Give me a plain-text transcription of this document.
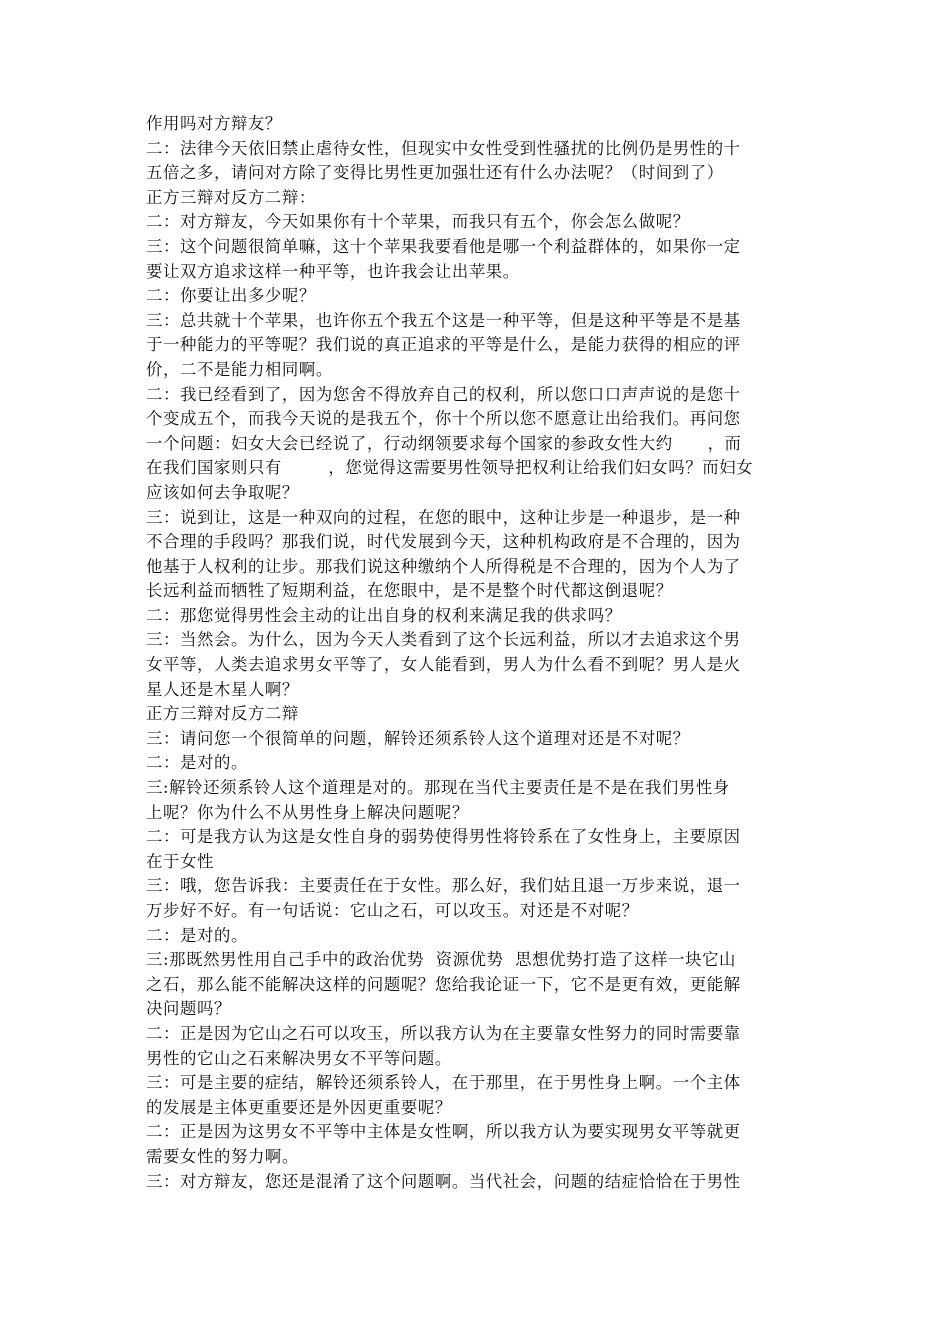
作用吗对方辩友？
二：法律今天依旧禁止虐待女性，但现实中女性受到性骚扰的比例仍是男性的十
五倍之多，请问对方除了变得比男性更加强壮还有什么办法呢？（时间到了）
正方三辩对反方二辩：
二：对方辩友，今天如果你有十个苹果，而我只有五个，你会怎么做呢？
三：这个问题很简单嘛，这十个苹果我要看他是哪一个利益群体的，如果你一定
要让双方追求这样一种平等，也许我会让出苹果。
二：你要让出多少呢？
三：总共就十个苹果，也许你五个我五个这是一种平等，但是这种平等是不是基
于一种能力的平等呢？我们说的真正追求的平等是什么，是能力获得的相应的评
价，二不是能力相同啊。
二：我已经看到了，因为您舍不得放弃自己的权利，所以您口口声声说的是您十
个变成五个，而我今天说的是我五个，你十个所以您不愿意让出给我们。再问您
一个问题：妇女大会已经说了，行动纲领要求每个国家的参政女性大约      ，而
在我们国家则只有        ，您觉得这需要男性领导把权利让给我们妇女吗？而妇女
应该如何去争取呢？
三：说到让，这是一种双向的过程，在您的眼中，这种让步是一种退步，是一种
不合理的手段吗？那我们说，时代发展到今天，这种机构政府是不合理的，因为
他基于人权利的让步。那我们说这种缴纳个人所得税是不合理的，因为个人为了
长远利益而牺牲了短期利益，在您眼中，是不是整个时代都这倒退呢？
二：那您觉得男性会主动的让出自身的权利来满足我的供求吗？
三：当然会。为什么，因为今天人类看到了这个长远利益，所以才去追求这个男
女平等，人类去追求男女平等了，女人能看到，男人为什么看不到呢？男人是火
星人还是木星人啊？
正方三辩对反方二辩
三：请问您一个很简单的问题，解铃还须系铃人这个道理对还是不对呢？
二：是对的。
三:解铃还须系铃人这个道理是对的。那现在当代主要责任是不是在我们男性身
上呢？你为什么不从男性身上解决问题呢？
二：可是我方认为这是女性自身的弱势使得男性将铃系在了女性身上，主要原因
在于女性
三：哦，您告诉我：主要责任在于女性。那么好，我们姑且退一万步来说，退一
万步好不好。有一句话说：它山之石，可以攻玉。对还是不对呢？
二：是对的。
三:那既然男性用自己手中的政治优势  资源优势  思想优势打造了这样一块它山
之石，那么能不能解决这样的问题呢？您给我论证一下，它不是更有效，更能解
决问题吗？
二：正是因为它山之石可以攻玉，所以我方认为在主要靠女性努力的同时需要靠
男性的它山之石来解决男女不平等问题。
三：可是主要的症结，解铃还须系铃人，在于那里，在于男性身上啊。一个主体
的发展是主体更重要还是外因更重要呢？
二：正是因为这男女不平等中主体是女性啊，所以我方认为要实现男女平等就更
需要女性的努力啊。
三：对方辩友，您还是混淆了这个问题啊。当代社会，问题的结症恰恰在于男性
